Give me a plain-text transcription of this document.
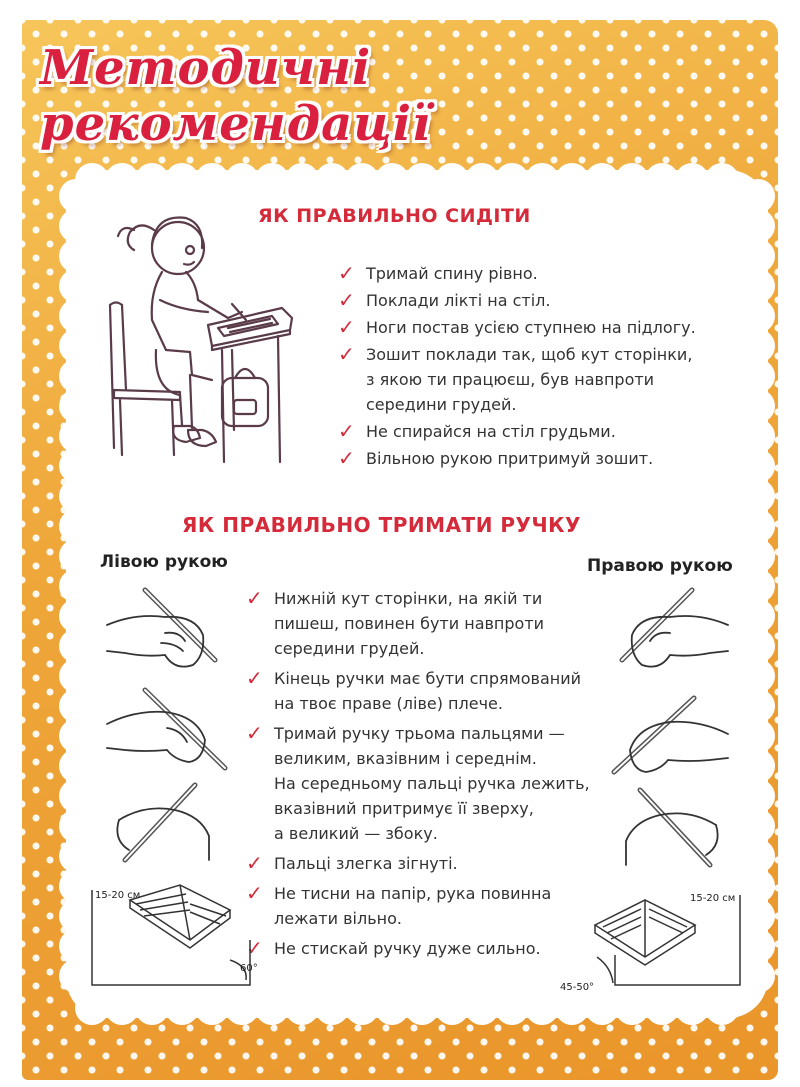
Методичні рекомендації
ЯК ПРАВИЛЬНО СИДІТИ
✓ Тримай спину рівно.
✓ Поклади лікті на стіл.
✓ Ноги постав усією ступнею на підлогу.
✓ Зошит поклади так, щоб кут сторінки,
з якою ти працюєш, був навпроти
середини грудей.
✓ Не спирайся на стіл грудьми.
✓ Вільною рукою притримуй зошит.
ЯК ПРАВИЛЬНО ТРИМАТИ РУЧКУ
Лівою рукою	Правою рукою
✓ Нижній кут сторінки, на якій ти
пишеш, повинен бути навпроти
середини грудей.
✓ Кінець ручки має бути спрямований
на твоє праве (ліве) плече.
✓ Тримай ручку трьома пальцями —
великим, вказівним і середнім.
На середньому пальці ручка лежить,
вказівний притримує її зверху,
а великий — збоку.
✓ Пальці злегка зігнуті.
✓ Не тисни на папір, рука повинна
лежати вільно.
✓ Не стискай ручку дуже сильно.
15-20 см
60°
15-20 см
45-50°
